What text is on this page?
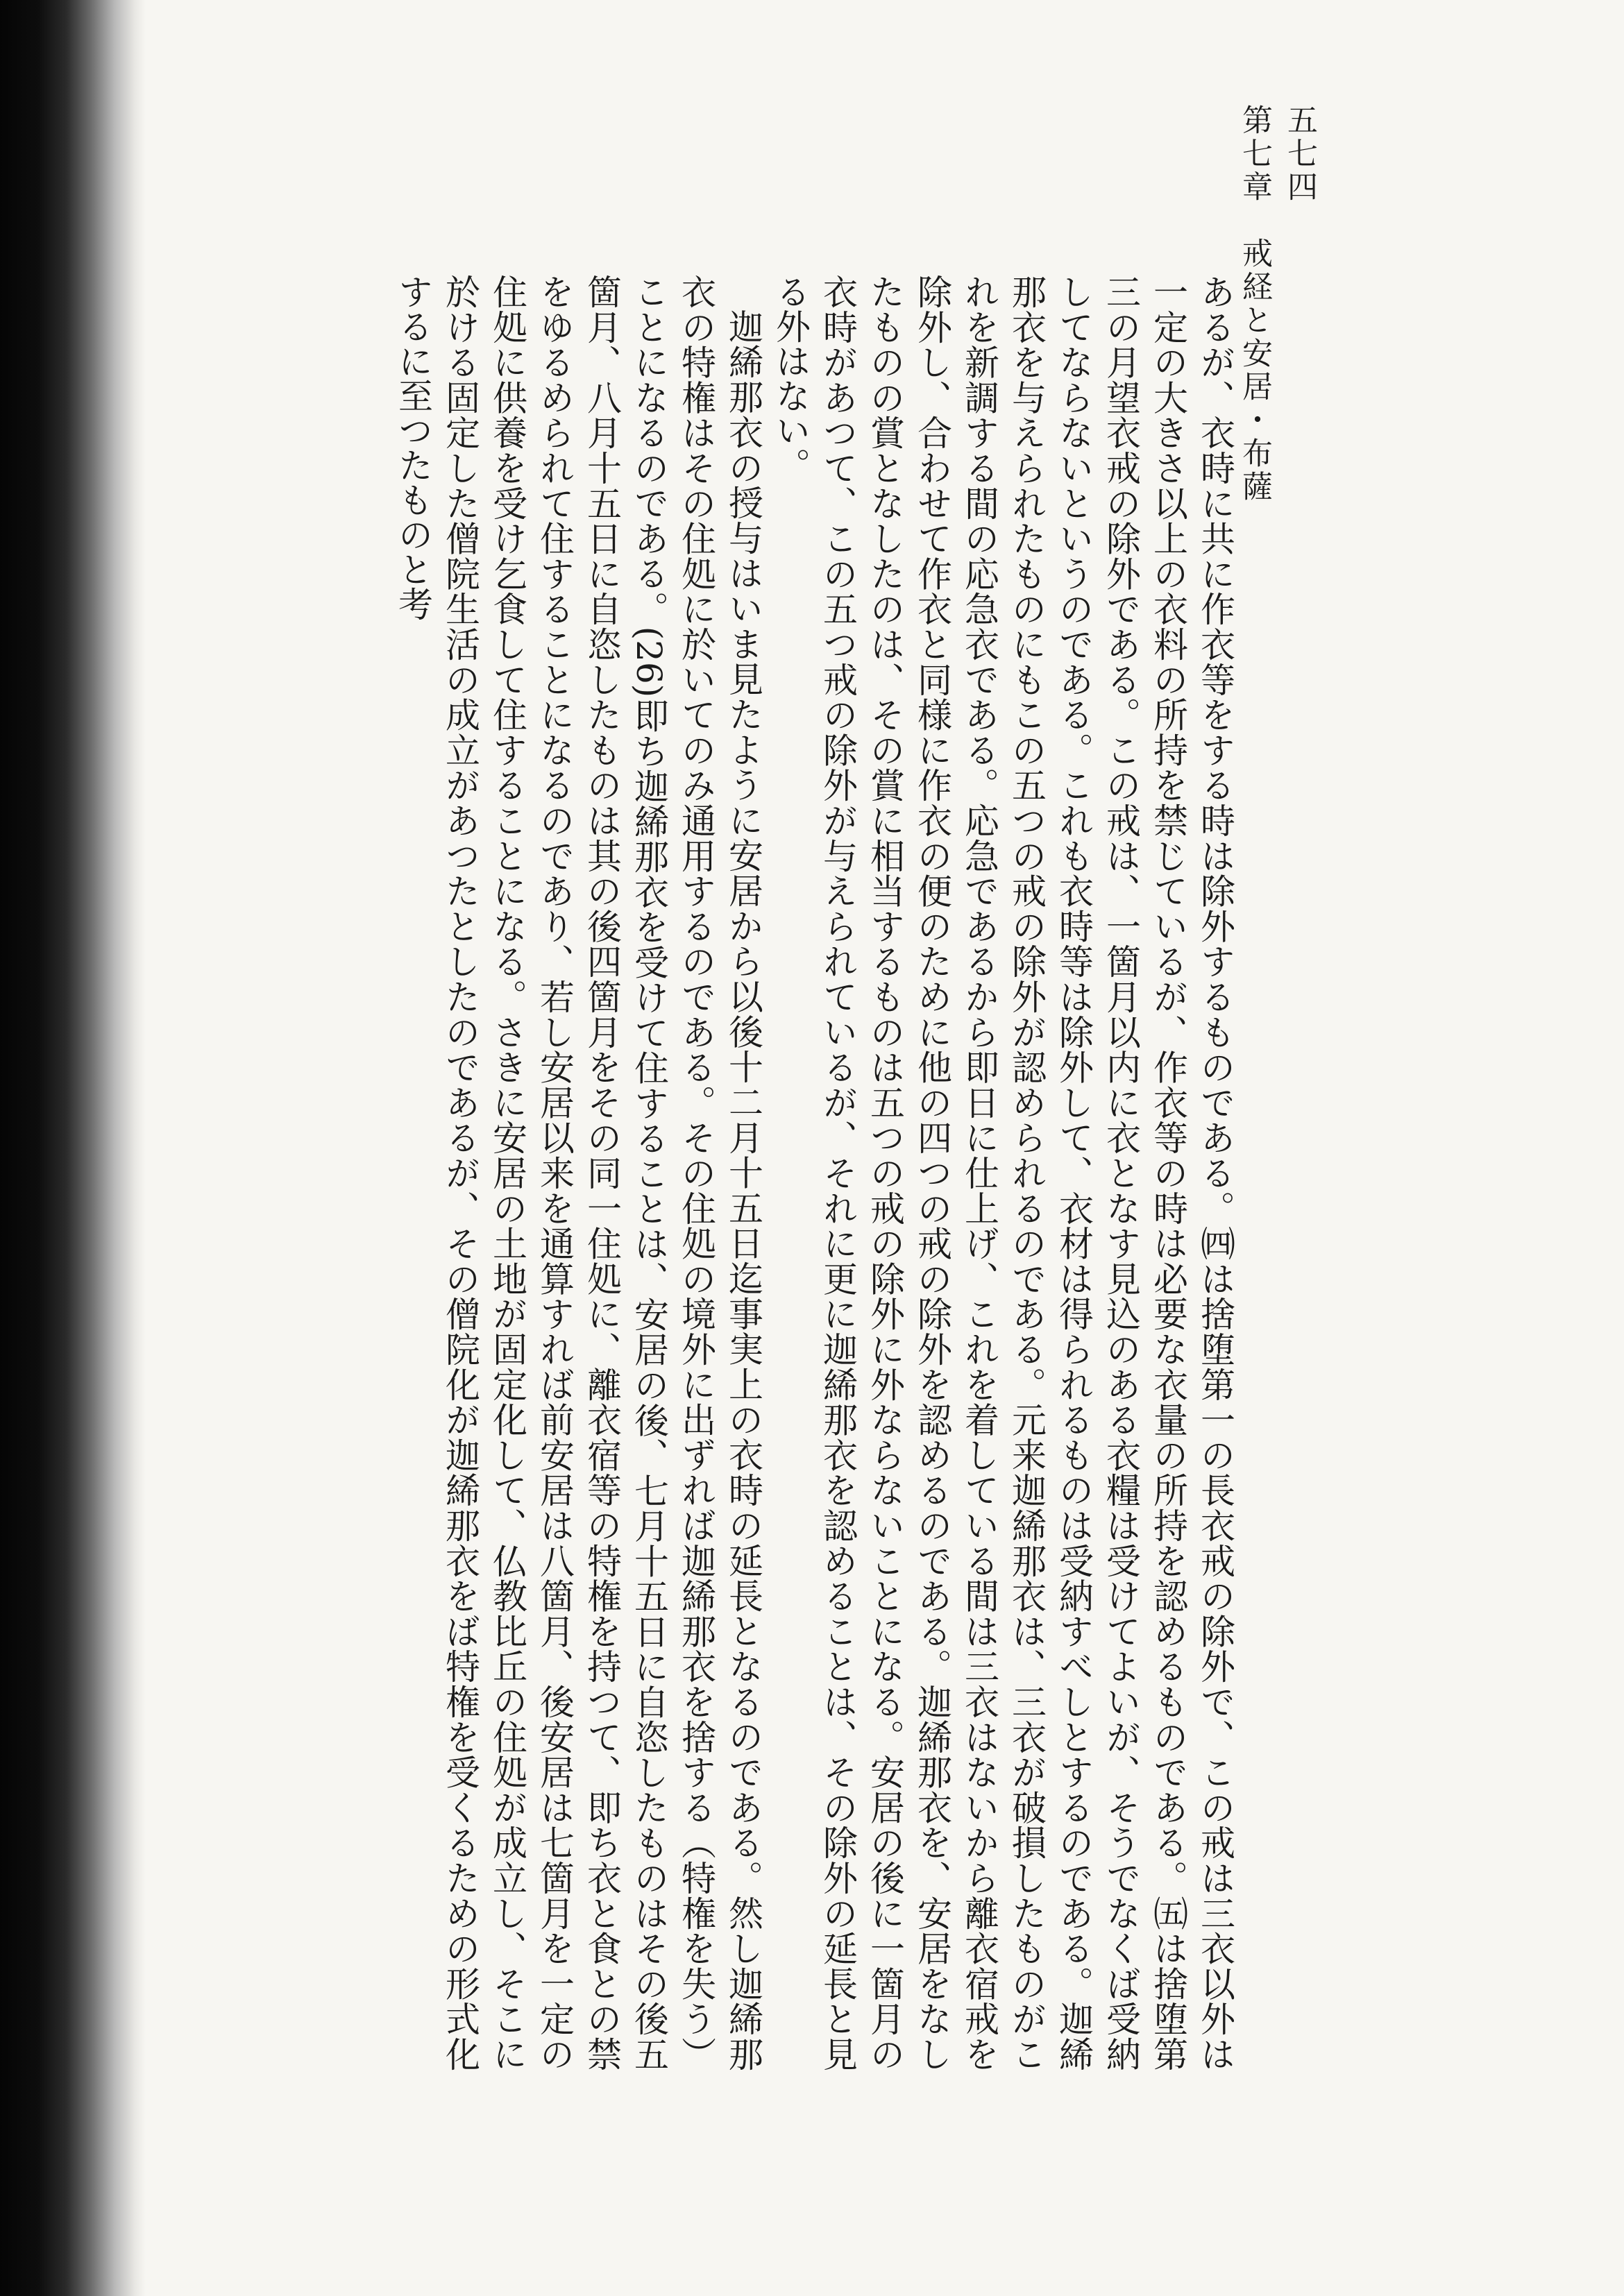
五七四
第七章　戒経と安居・布薩

あるが、衣時に共に作衣等をする時は除外するものである。㈣は捨堕第一の長衣戒の除外で、この戒は三衣以外は一定の大きさ以上の衣料の所持を禁じているが、作衣等の時は必要な衣量の所持を認めるものである。㈤は捨堕第三の月望衣戒の除外である。この戒は、一箇月以内に衣となす見込のある衣糧は受けてよいが、そうでなくば受納してならないというのである。これも衣時等は除外して、衣材は得られるものは受納すべしとするのである。迦絺那衣を与えられたものにもこの五つの戒の除外が認められるのである。元来迦絺那衣は、三衣が破損したものがこれを新調する間の応急衣である。応急であるから即日に仕上げ、これを着している間は三衣はないから離衣宿戒を除外し、合わせて作衣と同様に作衣の便のために他の四つの戒の除外を認めるのである。迦絺那衣を、安居をなしたものの賞となしたのは、その賞に相当するものは五つの戒の除外に外ならないことになる。安居の後に一箇月の衣時があつて、この五つ戒の除外が与えられているが、それに更に迦絺那衣を認めることは、その除外の延長と見る外はない。

迦絺那衣の授与はいま見たように安居から以後十二月十五日迄事実上の衣時の延長となるのである。然し迦絺那衣の特権はその住処に於いてのみ通用するのである。その住処の境外に出ずれば迦絺那衣を捨する（特権を失う）ことになるのである。(26)即ち迦絺那衣を受けて住することは、安居の後、七月十五日に自恣したものはその後五箇月、八月十五日に自恣したものは其の後四箇月をその同一住処に、離衣宿等の特権を持つて、即ち衣と食との禁をゆるめられて住することになるのであり、若し安居以来を通算すれば前安居は八箇月、後安居は七箇月を一定の住処に供養を受け乞食して住することになる。さきに安居の土地が固定化して、仏教比丘の住処が成立し、そこに於ける固定した僧院生活の成立があつたとしたのであるが、その僧院化が迦絺那衣をば特権を受くるための形式化するに至つたものと考
